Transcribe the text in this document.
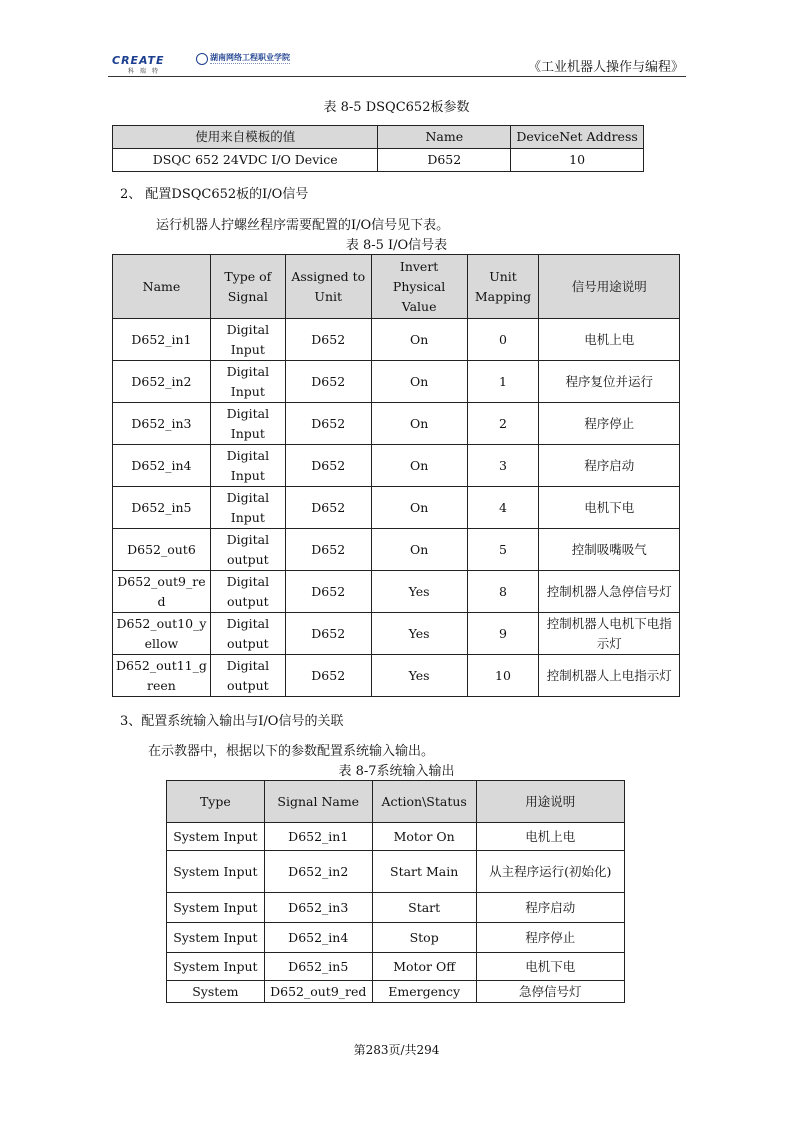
CREATE
科 瑞 特
湖南网络工程职业学院
《工业机器人操作与编程》
表 8-5 DSQC652板参数
使用来自模板的值	Name	DeviceNet Address
DSQC 652 24VDC I/O Device	D652	10
2、 配置DSQC652板的I/O信号
运行机器人拧螺丝程序需要配置的I/O信号见下表。
表 8-5 I/O信号表
Name	Type of Signal	Assigned to Unit	Invert Physical Value	Unit Mapping	信号用途说明
D652_in1	Digital Input	D652	On	0	电机上电
D652_in2	Digital Input	D652	On	1	程序复位并运行
D652_in3	Digital Input	D652	On	2	程序停止
D652_in4	Digital Input	D652	On	3	程序启动
D652_in5	Digital Input	D652	On	4	电机下电
D652_out6	Digital output	D652	On	5	控制吸嘴吸气
D652_out9_red	Digital output	D652	Yes	8	控制机器人急停信号灯
D652_out10_yellow	Digital output	D652	Yes	9	控制机器人电机下电指示灯
D652_out11_green	Digital output	D652	Yes	10	控制机器人上电指示灯
3、配置系统输入输出与I/O信号的关联
在示教器中，根据以下的参数配置系统输入输出。
表 8-7系统输入输出
Type	Signal Name	Action\Status	用途说明
System Input	D652_in1	Motor On	电机上电
System Input	D652_in2	Start Main	从主程序运行(初始化)
System Input	D652_in3	Start	程序启动
System Input	D652_in4	Stop	程序停止
System Input	D652_in5	Motor Off	电机下电
System	D652_out9_red	Emergency	急停信号灯
第283页/共294
